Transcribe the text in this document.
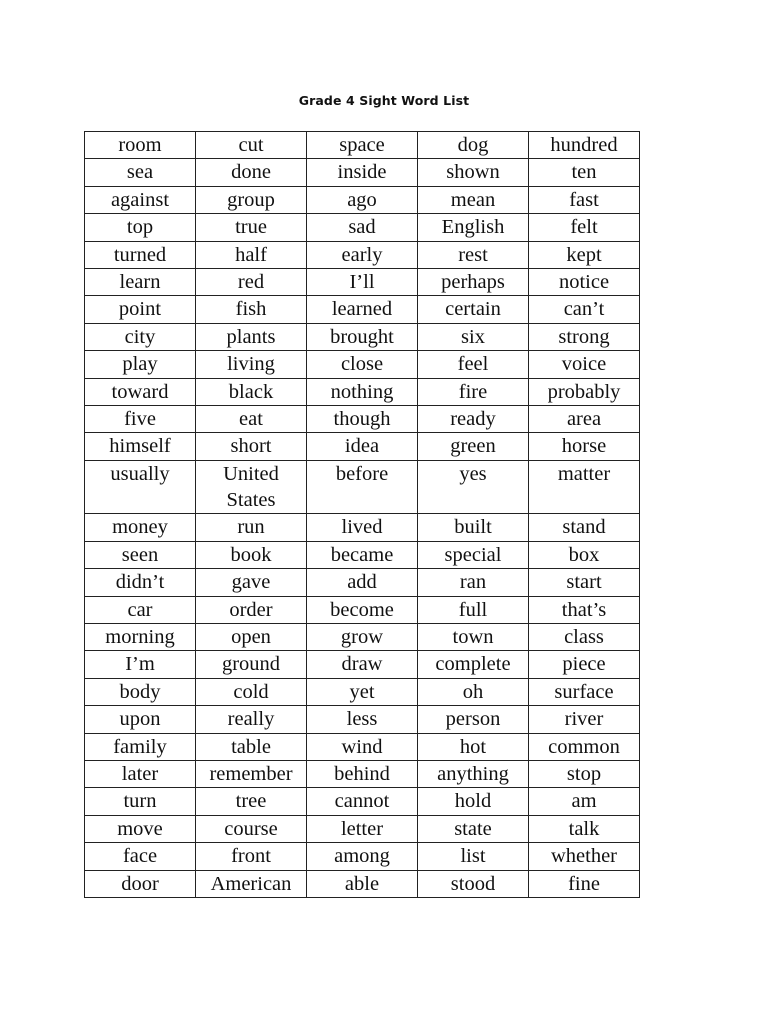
Grade 4 Sight Word List
room	cut	space	dog	hundred

sea	done	inside	shown	ten

against	group	ago	mean	fast

top	true	sad	English	felt

turned	half	early	rest	kept

learn	red	I’ll	perhaps	notice

point	fish	learned	certain	can’t

city	plants	brought	six	strong

play	living	close	feel	voice

toward	black	nothing	fire	probably

five	eat	though	ready	area

himself	short	idea	green	horse

usually	United States	before	yes	matter

money	run	lived	built	stand

seen	book	became	special	box

didn’t	gave	add	ran	start

car	order	become	full	that’s

morning	open	grow	town	class

I’m	ground	draw	complete	piece

body	cold	yet	oh	surface

upon	really	less	person	river

family	table	wind	hot	common

later	remember	behind	anything	stop

turn	tree	cannot	hold	am

move	course	letter	state	talk

face	front	among	list	whether

door	American	able	stood	fine
